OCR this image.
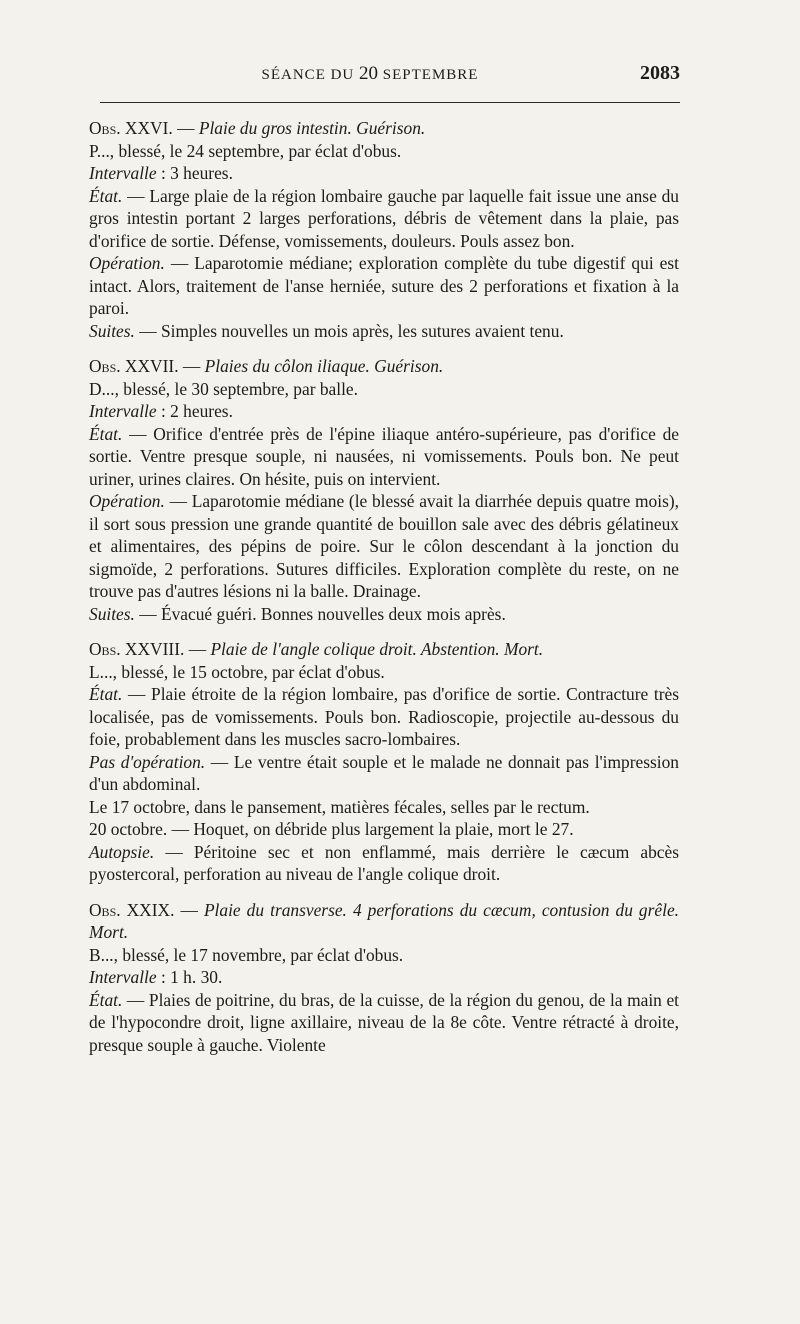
SÉANCE DU 20 SEPTEMBRE	2083

Obs. XXVI. — Plaie du gros intestin. Guérison.

P..., blessé, le 24 septembre, par éclat d'obus.

Intervalle : 3 heures.

État. — Large plaie de la région lombaire gauche par laquelle fait issue une anse du gros intestin portant 2 larges perforations, débris de vêtement dans la plaie, pas d'orifice de sortie. Défense, vomissements, douleurs. Pouls assez bon.

Opération. — Laparotomie médiane; exploration complète du tube digestif qui est intact. Alors, traitement de l'anse herniée, suture des 2 perforations et fixation à la paroi.

Suites. — Simples nouvelles un mois après, les sutures avaient tenu.

Obs. XXVII. — Plaies du côlon iliaque. Guérison.

D..., blessé, le 30 septembre, par balle.

Intervalle : 2 heures.

État. — Orifice d'entrée près de l'épine iliaque antéro-supérieure, pas d'orifice de sortie. Ventre presque souple, ni nausées, ni vomissements. Pouls bon. Ne peut uriner, urines claires. On hésite, puis on intervient.

Opération. — Laparotomie médiane (le blessé avait la diarrhée depuis quatre mois), il sort sous pression une grande quantité de bouillon sale avec des débris gélatineux et alimentaires, des pépins de poire. Sur le côlon descendant à la jonction du sigmoïde, 2 perforations. Sutures difficiles. Exploration complète du reste, on ne trouve pas d'autres lésions ni la balle. Drainage.

Suites. — Évacué guéri. Bonnes nouvelles deux mois après.

Obs. XXVIII. — Plaie de l'angle colique droit. Abstention. Mort.

L..., blessé, le 15 octobre, par éclat d'obus.

État. — Plaie étroite de la région lombaire, pas d'orifice de sortie. Contracture très localisée, pas de vomissements. Pouls bon. Radioscopie, projectile au-dessous du foie, probablement dans les muscles sacro-lombaires.

Pas d'opération. — Le ventre était souple et le malade ne donnait pas l'impression d'un abdominal.

Le 17 octobre, dans le pansement, matières fécales, selles par le rectum.

20 octobre. — Hoquet, on débride plus largement la plaie, mort le 27.

Autopsie. — Péritoine sec et non enflammé, mais derrière le cæcum abcès pyostercoral, perforation au niveau de l'angle colique droit.

Obs. XXIX. — Plaie du transverse. 4 perforations du cæcum, contusion du grêle. Mort.

B..., blessé, le 17 novembre, par éclat d'obus.

Intervalle : 1 h. 30.

État. — Plaies de poitrine, du bras, de la cuisse, de la région du genou, de la main et de l'hypocondre droit, ligne axillaire, niveau de la 8e côte. Ventre rétracté à droite, presque souple à gauche. Violente
